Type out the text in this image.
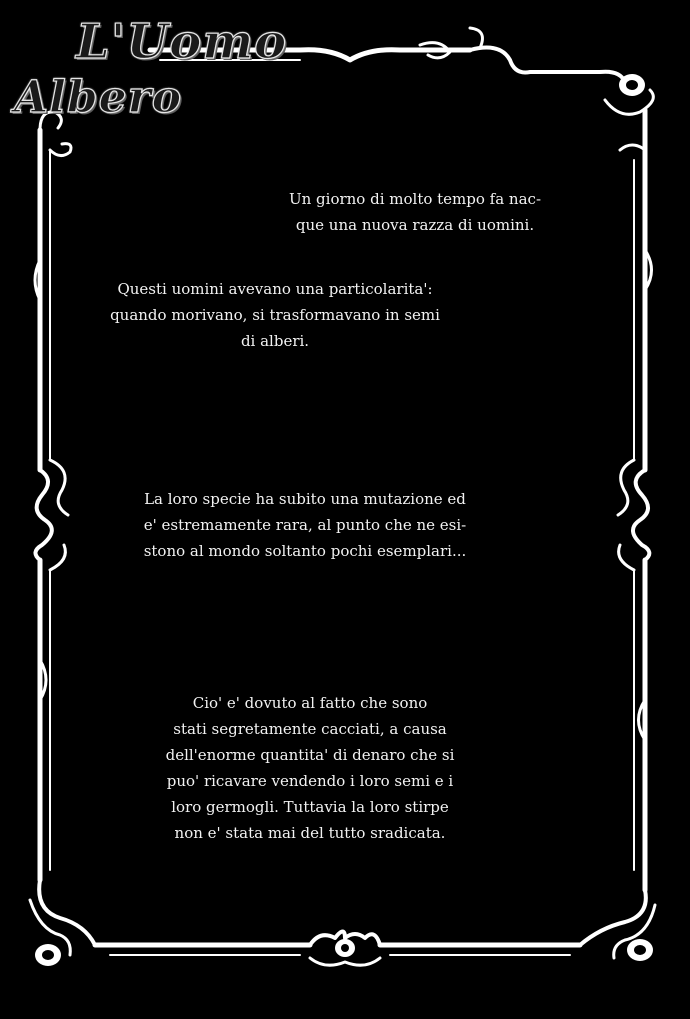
L'Uomo
Albero

Un giorno di molto tempo fa nac-
que una nuova razza di uomini.

Questi uomini avevano una particolarita':
quando morivano, si trasformavano in semi
di alberi.

La loro specie ha subito una mutazione ed
e' estremamente rara, al punto che ne esi-
stono al mondo soltanto pochi esemplari...

Cio' e' dovuto al fatto che sono
stati segretamente cacciati, a causa
dell'enorme quantita' di denaro che si
puo' ricavare vendendo i loro semi e i
loro germogli. Tuttavia la loro stirpe
non e' stata mai del tutto sradicata.
